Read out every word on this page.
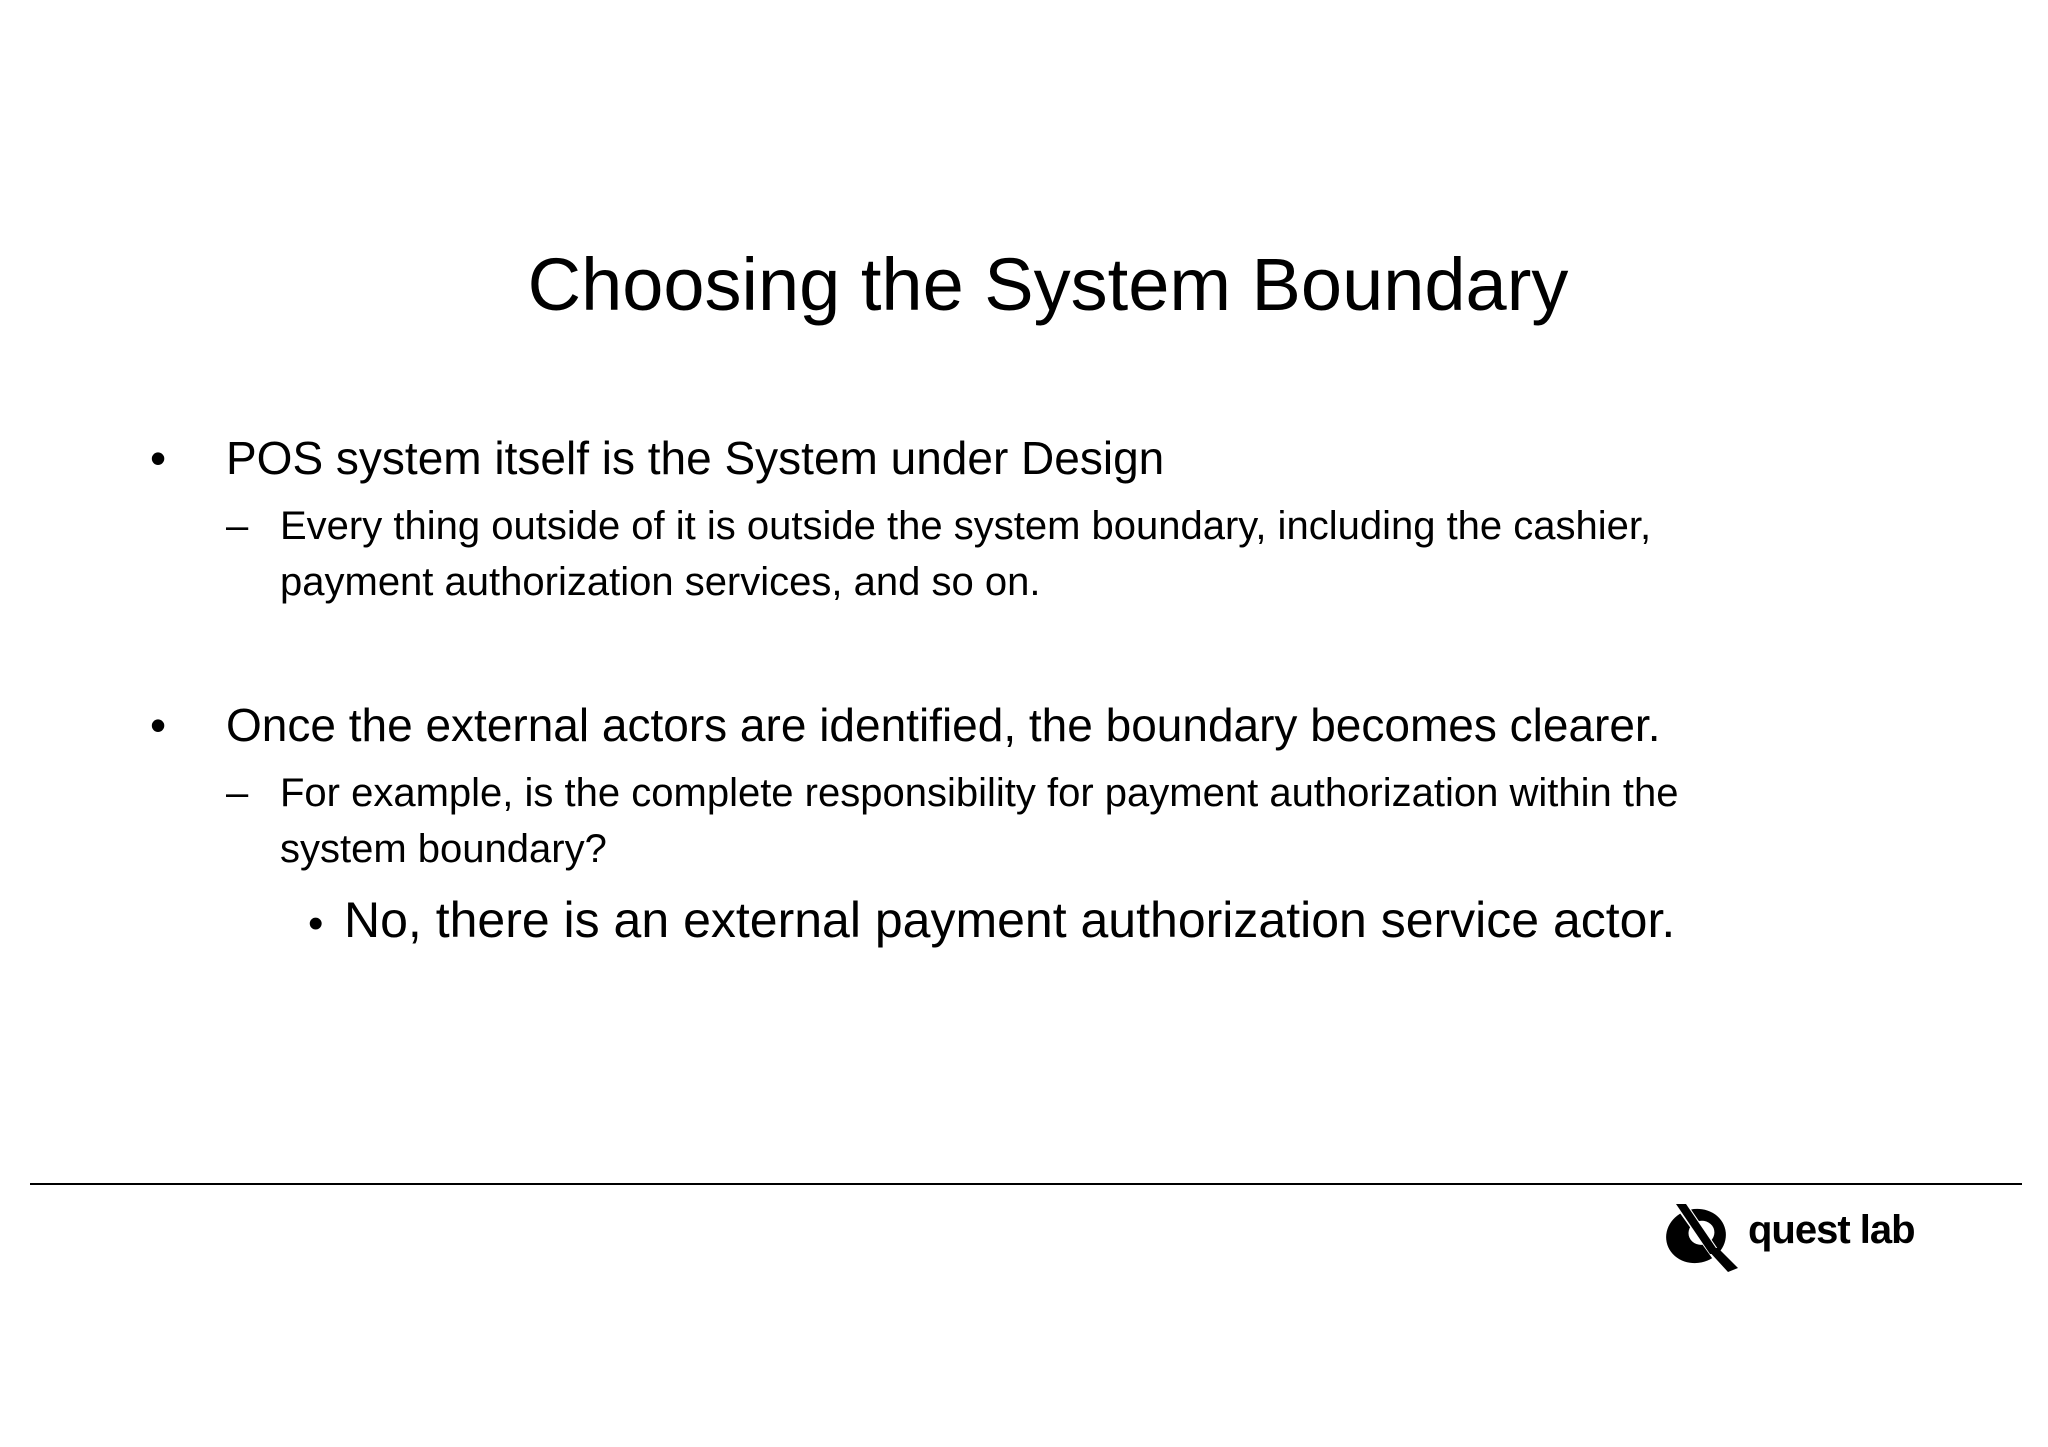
Choosing the System Boundary
• POS system itself is the System under Design
– Every thing outside of it is outside the system boundary, including the cashier,
payment authorization services, and so on.
• Once the external actors are identified, the boundary becomes clearer.
– For example, is the complete responsibility for payment authorization within the
system boundary?
• No, there is an external payment authorization service actor.
quest lab
